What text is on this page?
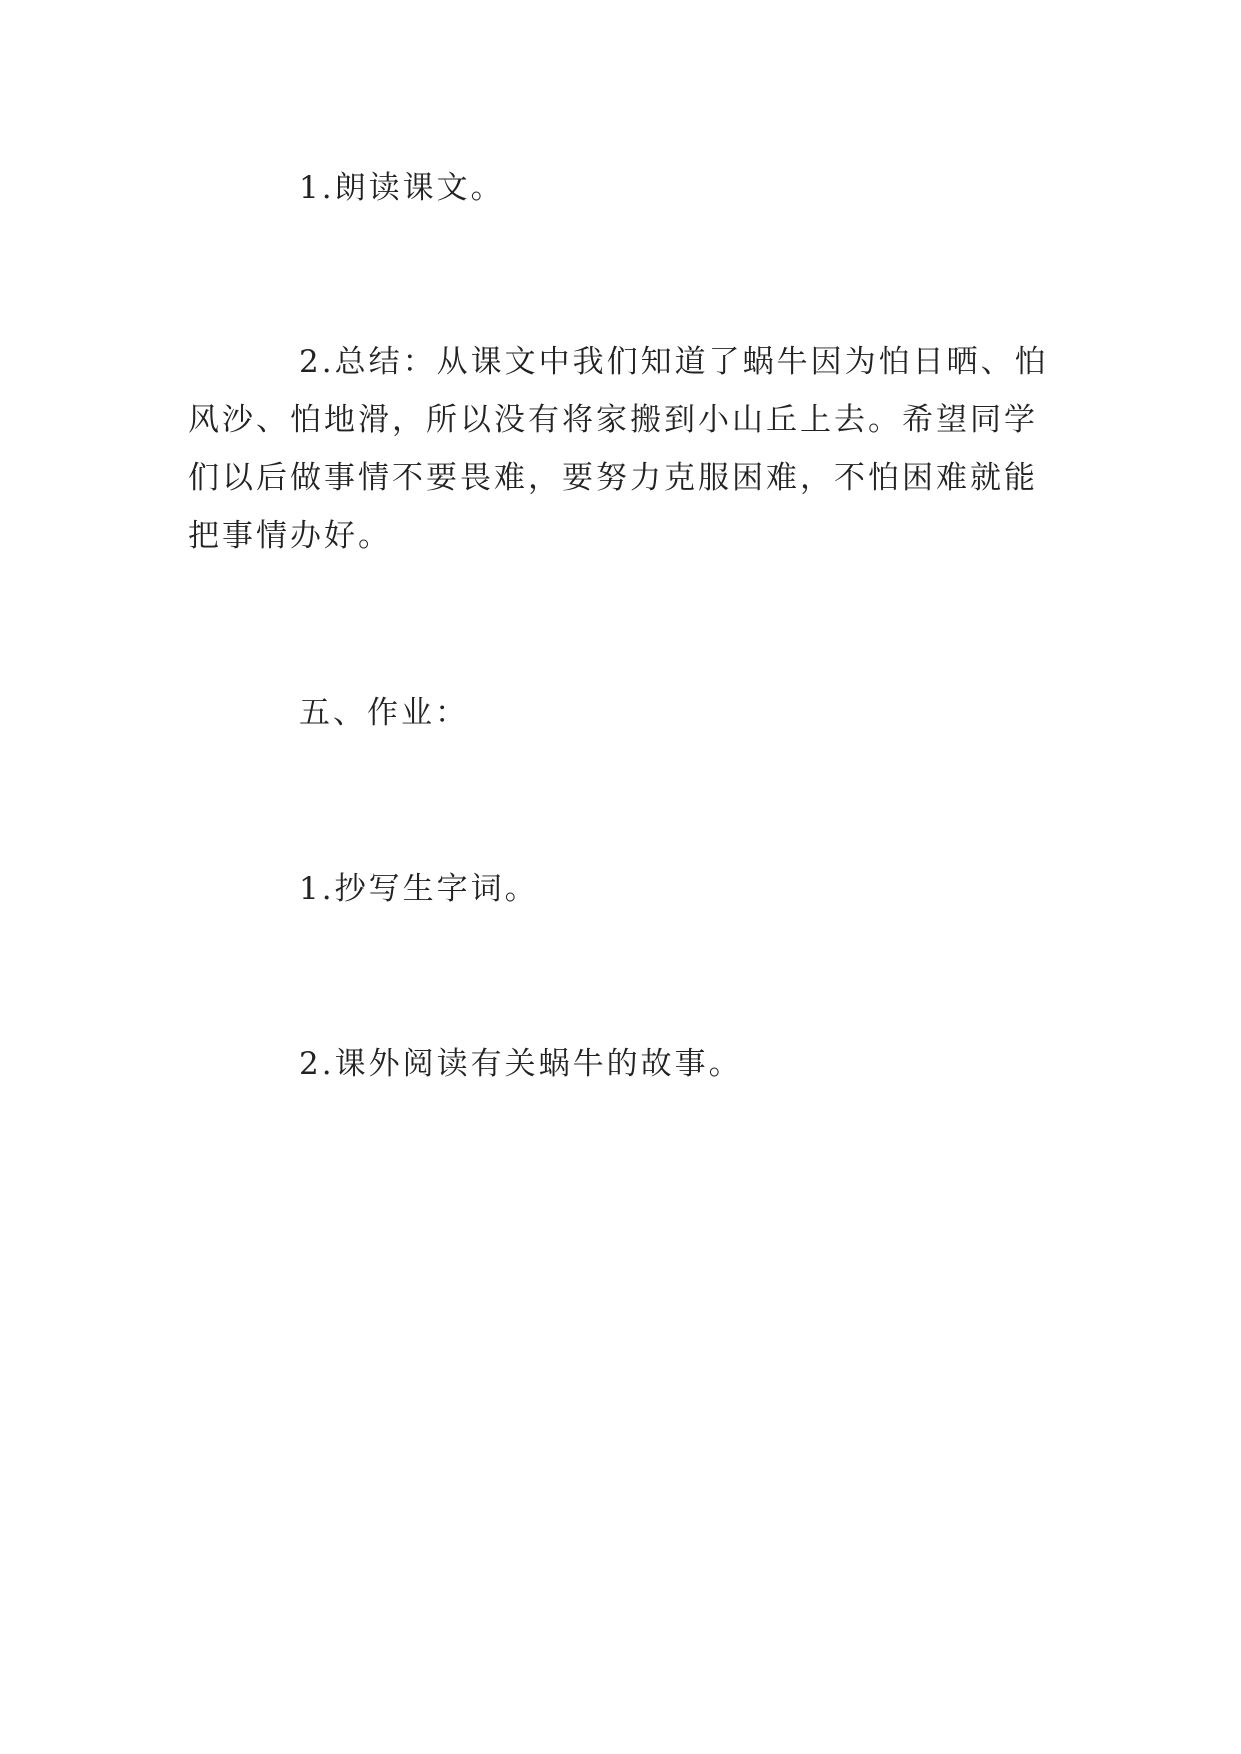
1.朗读课文。

2.总结：从课文中我们知道了蜗牛因为怕日晒、怕风沙、怕地滑，所以没有将家搬到小山丘上去。希望同学们以后做事情不要畏难，要努力克服困难，不怕困难就能把事情办好。

五、作业：

1.抄写生字词。

2.课外阅读有关蜗牛的故事。
